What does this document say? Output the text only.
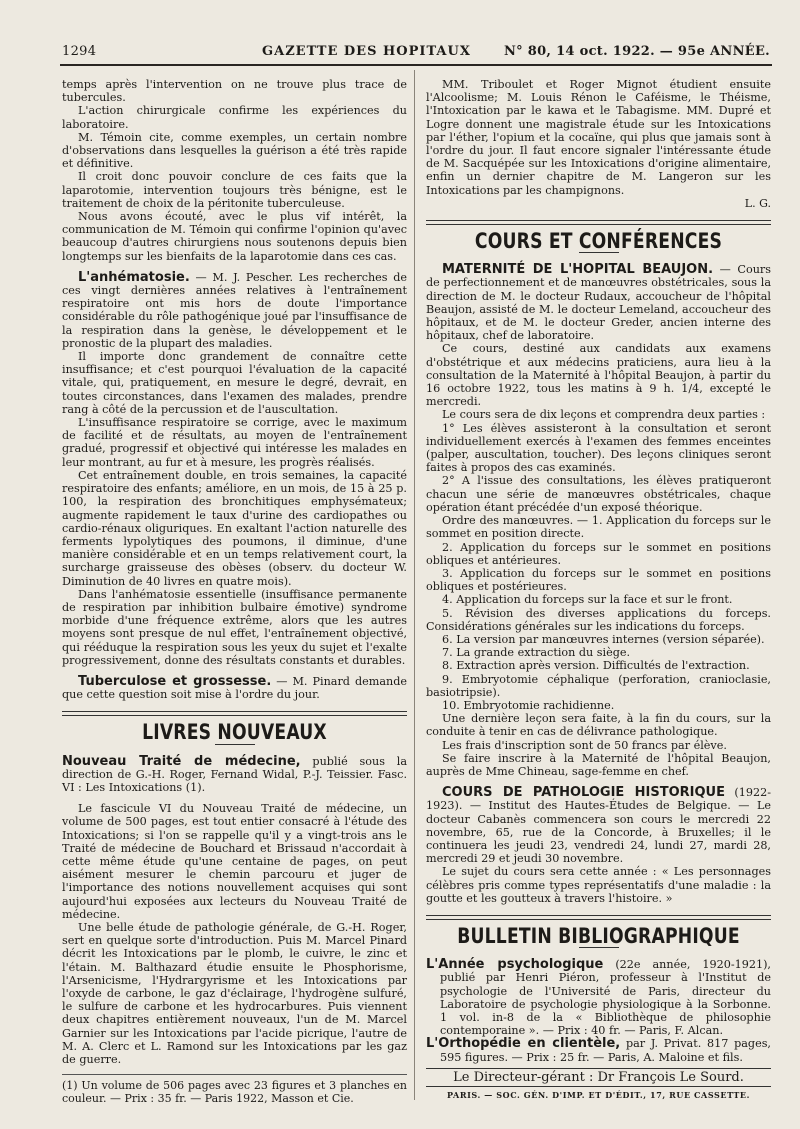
1294	GAZETTE DES HOPITAUX	N° 80, 14 oct. 1922. — 95e ANNÉE.

temps après l'intervention on ne trouve plus trace de tubercules.

L'action chirurgicale confirme les expériences du laboratoire.

M. Témoin cite, comme exemples, un certain nombre d'observations dans lesquelles la guérison a été très rapide et définitive.

Il croit donc pouvoir conclure de ces faits que la laparotomie, intervention toujours très bénigne, est le traitement de choix de la péritonite tuberculeuse.

Nous avons écouté, avec le plus vif intérêt, la communication de M. Témoin qui confirme l'opinion qu'avec beaucoup d'autres chirurgiens nous soutenons depuis bien longtemps sur les bienfaits de la laparotomie dans ces cas.

L'anhématosie. — M. J. Pescher. Les recherches de ces vingt dernières années relatives à l'entraînement respiratoire ont mis hors de doute l'importance considérable du rôle pathogénique joué par l'insuffisance de la respiration dans la genèse, le développement et le pronostic de la plupart des maladies.

Il importe donc grandement de connaître cette insuffisance; et c'est pourquoi l'évaluation de la capacité vitale, qui, pratiquement, en mesure le degré, devrait, en toutes circonstances, dans l'examen des malades, prendre rang à côté de la percussion et de l'auscultation.

L'insuffisance respiratoire se corrige, avec le maximum de facilité et de résultats, au moyen de l'entraînement gradué, progressif et objectivé qui intéresse les malades en leur montrant, au fur et à mesure, les progrès réalisés.

Cet entraînement double, en trois semaines, la capacité respiratoire des enfants; améliore, en un mois, de 15 à 25 p. 100, la respiration des bronchitiques emphysémateux; augmente rapidement le taux d'urine des cardiopathes ou cardio-rénaux oliguriques. En exaltant l'action naturelle des ferments lypolytiques des poumons, il diminue, d'une manière considérable et en un temps relativement court, la surcharge graisseuse des obèses (observ. du docteur W. Diminution de 40 livres en quatre mois).

Dans l'anhématosie essentielle (insuffisance permanente de respiration par inhibition bulbaire émotive) syndrome morbide d'une fréquence extrême, alors que les autres moyens sont presque de nul effet, l'entraînement objectivé, qui rééduque la respiration sous les yeux du sujet et l'exalte progressivement, donne des résultats constants et durables.

Tuberculose et grossesse. — M. Pinard demande que cette question soit mise à l'ordre du jour.

LIVRES NOUVEAUX

Nouveau Traité de médecine, publié sous la direction de G.-H. Roger, Fernand Widal, P.-J. Teissier. Fasc. VI : Les Intoxications (1).

Le fascicule VI du Nouveau Traité de médecine, un volume de 500 pages, est tout entier consacré à l'étude des Intoxications; si l'on se rappelle qu'il y a vingt-trois ans le Traité de médecine de Bouchard et Brissaud n'accordait à cette même étude qu'une centaine de pages, on peut aisément mesurer le chemin parcouru et juger de l'importance des notions nouvellement acquises qui sont aujourd'hui exposées aux lecteurs du Nouveau Traité de médecine.

Une belle étude de pathologie générale, de G.-H. Roger, sert en quelque sorte d'introduction. Puis M. Marcel Pinard décrit les Intoxications par le plomb, le cuivre, le zinc et l'étain. M. Balthazard étudie ensuite le Phosphorisme, l'Arsenicisme, l'Hydrargyrisme et les Intoxications par l'oxyde de carbone, le gaz d'éclairage, l'hydrogène sulfuré, le sulfure de carbone et les hydrocarbures. Puis viennent deux chapitres entièrement nouveaux, l'un de M. Marcel Garnier sur les Intoxications par l'acide picrique, l'autre de M. A. Clerc et L. Ramond sur les Intoxications par les gaz de guerre.

(1) Un volume de 506 pages avec 23 figures et 3 planches en couleur. — Prix : 35 fr. — Paris 1922, Masson et Cie.

MM. Triboulet et Roger Mignot étudient ensuite l'Alcoolisme; M. Louis Rénon le Caféisme, le Théisme, l'Intoxication par le kawa et le Tabagisme. MM. Dupré et Logre donnent une magistrale étude sur les Intoxications par l'éther, l'opium et la cocaïne, qui plus que jamais sont à l'ordre du jour. Il faut encore signaler l'intéressante étude de M. Sacquépée sur les Intoxications d'origine alimentaire, enfin un dernier chapitre de M. Langeron sur les Intoxications par les champignons.

L. G.
COURS ET CONFÉRENCES

MATERNITÉ DE L'HOPITAL BEAUJON. — Cours de perfectionnement et de manœuvres obstétricales, sous la direction de M. le docteur Rudaux, accoucheur de l'hôpital Beaujon, assisté de M. le docteur Lemeland, accoucheur des hôpitaux, et de M. le docteur Greder, ancien interne des hôpitaux, chef de laboratoire.

Ce cours, destiné aux candidats aux examens d'obstétrique et aux médecins praticiens, aura lieu à la consultation de la Maternité à l'hôpital Beaujon, à partir du 16 octobre 1922, tous les matins à 9 h. 1/4, excepté le mercredi.

Le cours sera de dix leçons et comprendra deux parties :

1° Les élèves assisteront à la consultation et seront individuellement exercés à l'examen des femmes enceintes (palper, auscultation, toucher). Des leçons cliniques seront faites à propos des cas examinés.

2° A l'issue des consultations, les élèves pratiqueront chacun une série de manœuvres obstétricales, chaque opération étant précédée d'un exposé théorique.

Ordre des manœuvres. — 1. Application du forceps sur le sommet en position directe.

2. Application du forceps sur le sommet en positions obliques et antérieures.

3. Application du forceps sur le sommet en positions obliques et postérieures.

4. Application du forceps sur la face et sur le front.

5. Révision des diverses applications du forceps. Considérations générales sur les indications du forceps.

6. La version par manœuvres internes (version séparée).

7. La grande extraction du siège.

8. Extraction après version. Difficultés de l'extraction.

9. Embryotomie céphalique (perforation, cranioclasie, basiotripsie).

10. Embryotomie rachidienne.

Une dernière leçon sera faite, à la fin du cours, sur la conduite à tenir en cas de délivrance pathologique.

Les frais d'inscription sont de 50 francs par élève.

Se faire inscrire à la Maternité de l'hôpital Beaujon, auprès de Mme Chineau, sage-femme en chef.

COURS DE PATHOLOGIE HISTORIQUE (1922-1923). — Institut des Hautes-Études de Belgique. — Le docteur Cabanès commencera son cours le mercredi 22 novembre, 65, rue de la Concorde, à Bruxelles; il le continuera les jeudi 23, vendredi 24, lundi 27, mardi 28, mercredi 29 et jeudi 30 novembre.

Le sujet du cours sera cette année : « Les personnages célèbres pris comme types représentatifs d'une maladie : la goutte et les goutteux à travers l'histoire. »

BULLETIN BIBLIOGRAPHIQUE

L'Année psychologique (22e année, 1920-1921), publié par Henri Piéron, professeur à l'Institut de psychologie de l'Université de Paris, directeur du Laboratoire de psychologie physiologique à la Sorbonne. 1 vol. in-8 de la « Bibliothèque de philosophie contemporaine ». — Prix : 40 fr. — Paris, F. Alcan.

L'Orthopédie en clientèle, par J. Privat. 817 pages, 595 figures. — Prix : 25 fr. — Paris, A. Maloine et fils.

Le Directeur-gérant : Dr François Le Sourd.
PARIS. — SOC. GÉN. D'IMP. ET D'ÉDIT., 17, RUE CASSETTE.
